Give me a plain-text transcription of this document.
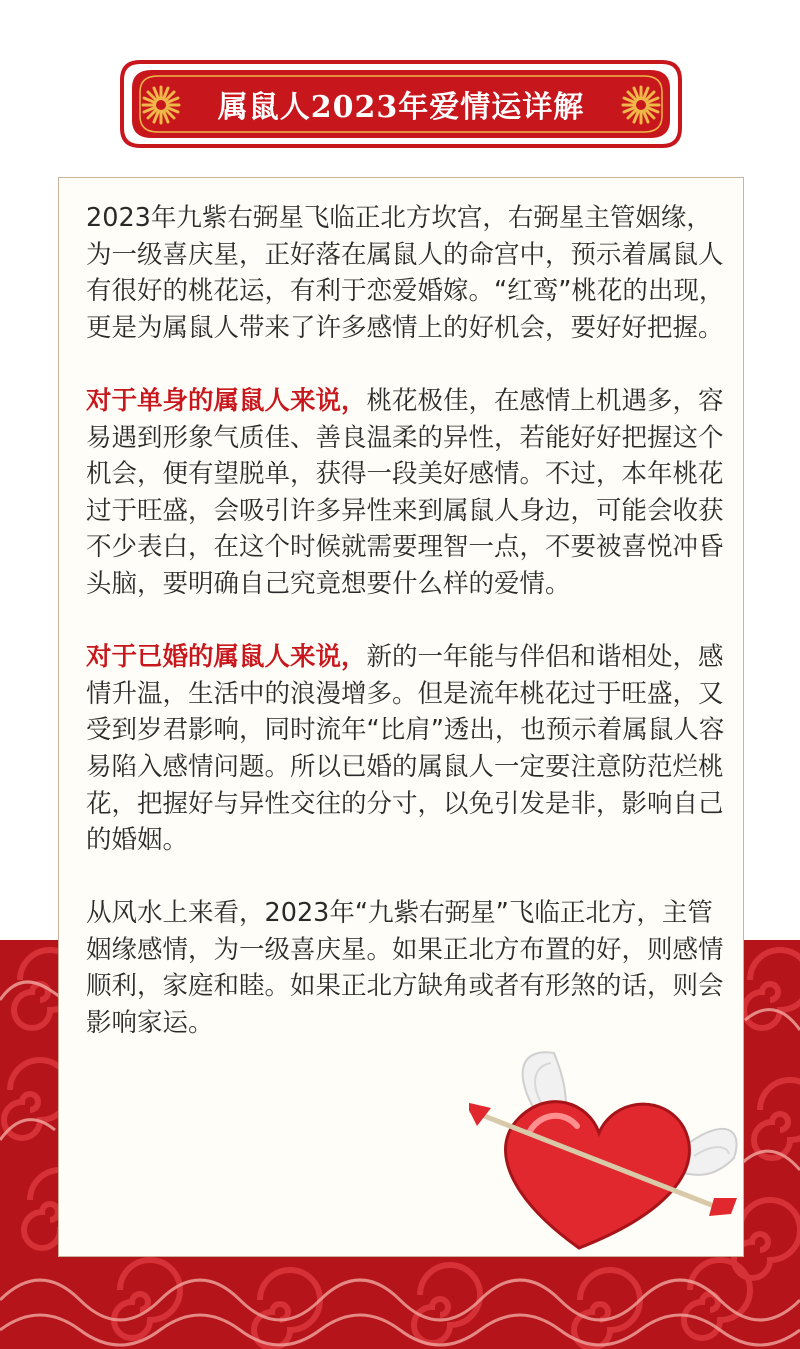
属鼠人2023年爱情运详解

2023年九紫右弼星飞临正北方坎宫，右弼星主管姻缘，为一级喜庆星，正好落在属鼠人的命宫中，预示着属鼠人有很好的桃花运，有利于恋爱婚嫁。“红鸾”桃花的出现，更是为属鼠人带来了许多感情上的好机会，要好好把握。

对于单身的属鼠人来说，桃花极佳，在感情上机遇多，容易遇到形象气质佳、善良温柔的异性，若能好好把握这个机会，便有望脱单，获得一段美好感情。不过，本年桃花过于旺盛，会吸引许多异性来到属鼠人身边，可能会收获不少表白，在这个时候就需要理智一点，不要被喜悦冲昏头脑，要明确自己究竟想要什么样的爱情。

对于已婚的属鼠人来说，新的一年能与伴侣和谐相处，感情升温，生活中的浪漫增多。但是流年桃花过于旺盛，又受到岁君影响，同时流年“比肩”透出，也预示着属鼠人容易陷入感情问题。所以已婚的属鼠人一定要注意防范烂桃花，把握好与异性交往的分寸，以免引发是非，影响自己的婚姻。

从风水上来看，2023年“九紫右弼星”飞临正北方，主管姻缘感情，为一级喜庆星。如果正北方布置的好，则感情顺利，家庭和睦。如果正北方缺角或者有形煞的话，则会影响家运。
